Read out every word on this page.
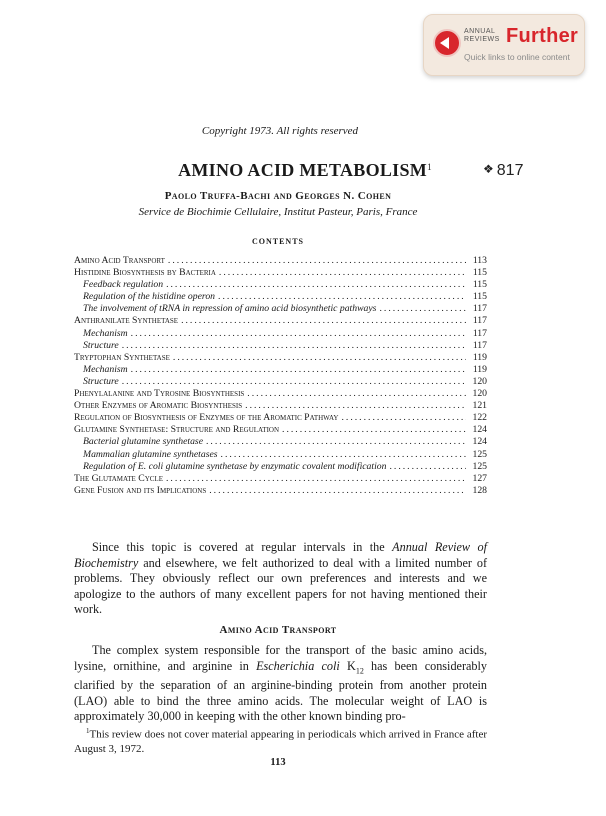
ANNUAL
REVIEWS Further
Quick links to online content
Copyright 1973. All rights reserved
AMINO ACID METABOLISM$^1$	❖ 817
Paolo Truffa-Bachi and Georges N. Cohen
Service de Biochimie Cellulaire, Institut Pasteur, Paris, France
CONTENTS
Amino Acid Transport .....	113
Histidine Biosynthesis by Bacteria .....	115
Feedback regulation .....	115
Regulation of the histidine operon .....	115
The involvement of tRNA in repression of amino acid biosynthetic pathways .....	117
Anthranilate Synthetase .....	117
Mechanism .....	117
Structure .....	117
Tryptophan Synthetase .....	119
Mechanism .....	119
Structure .....	120
Phenylalanine and Tyrosine Biosynthesis .....	120
Other Enzymes of Aromatic Biosynthesis .....	121
Regulation of Biosynthesis of Enzymes of the Aromatic Pathway .....	122
Glutamine Synthetase: Structure and Regulation .....	124
Bacterial glutamine synthetase .....	124
Mammalian glutamine synthetases .....	125
Regulation of E. coli glutamine synthetase by enzymatic covalent modification .....	125
The Glutamate Cycle .....	127
Gene Fusion and its Implications .....	128

Since this topic is covered at regular intervals in the Annual Review of Biochemistry and elsewhere, we felt authorized to deal with a limited number of problems. They obviously reflect our own preferences and interests and we apologize to the authors of many excellent papers for not having mentioned their work.

Amino Acid Transport

The complex system responsible for the transport of the basic amino acids, lysine, ornithine, and arginine in Escherichia coli $K_{12}$ has been considerably clarified by the separation of an arginine-binding protein from another protein (LAO) able to bind the three amino acids. The molecular weight of LAO is approximately 30,000 in keeping with the other known binding pro-

$^1$This review does not cover material appearing in periodicals which arrived in France after August 3, 1972.

113
